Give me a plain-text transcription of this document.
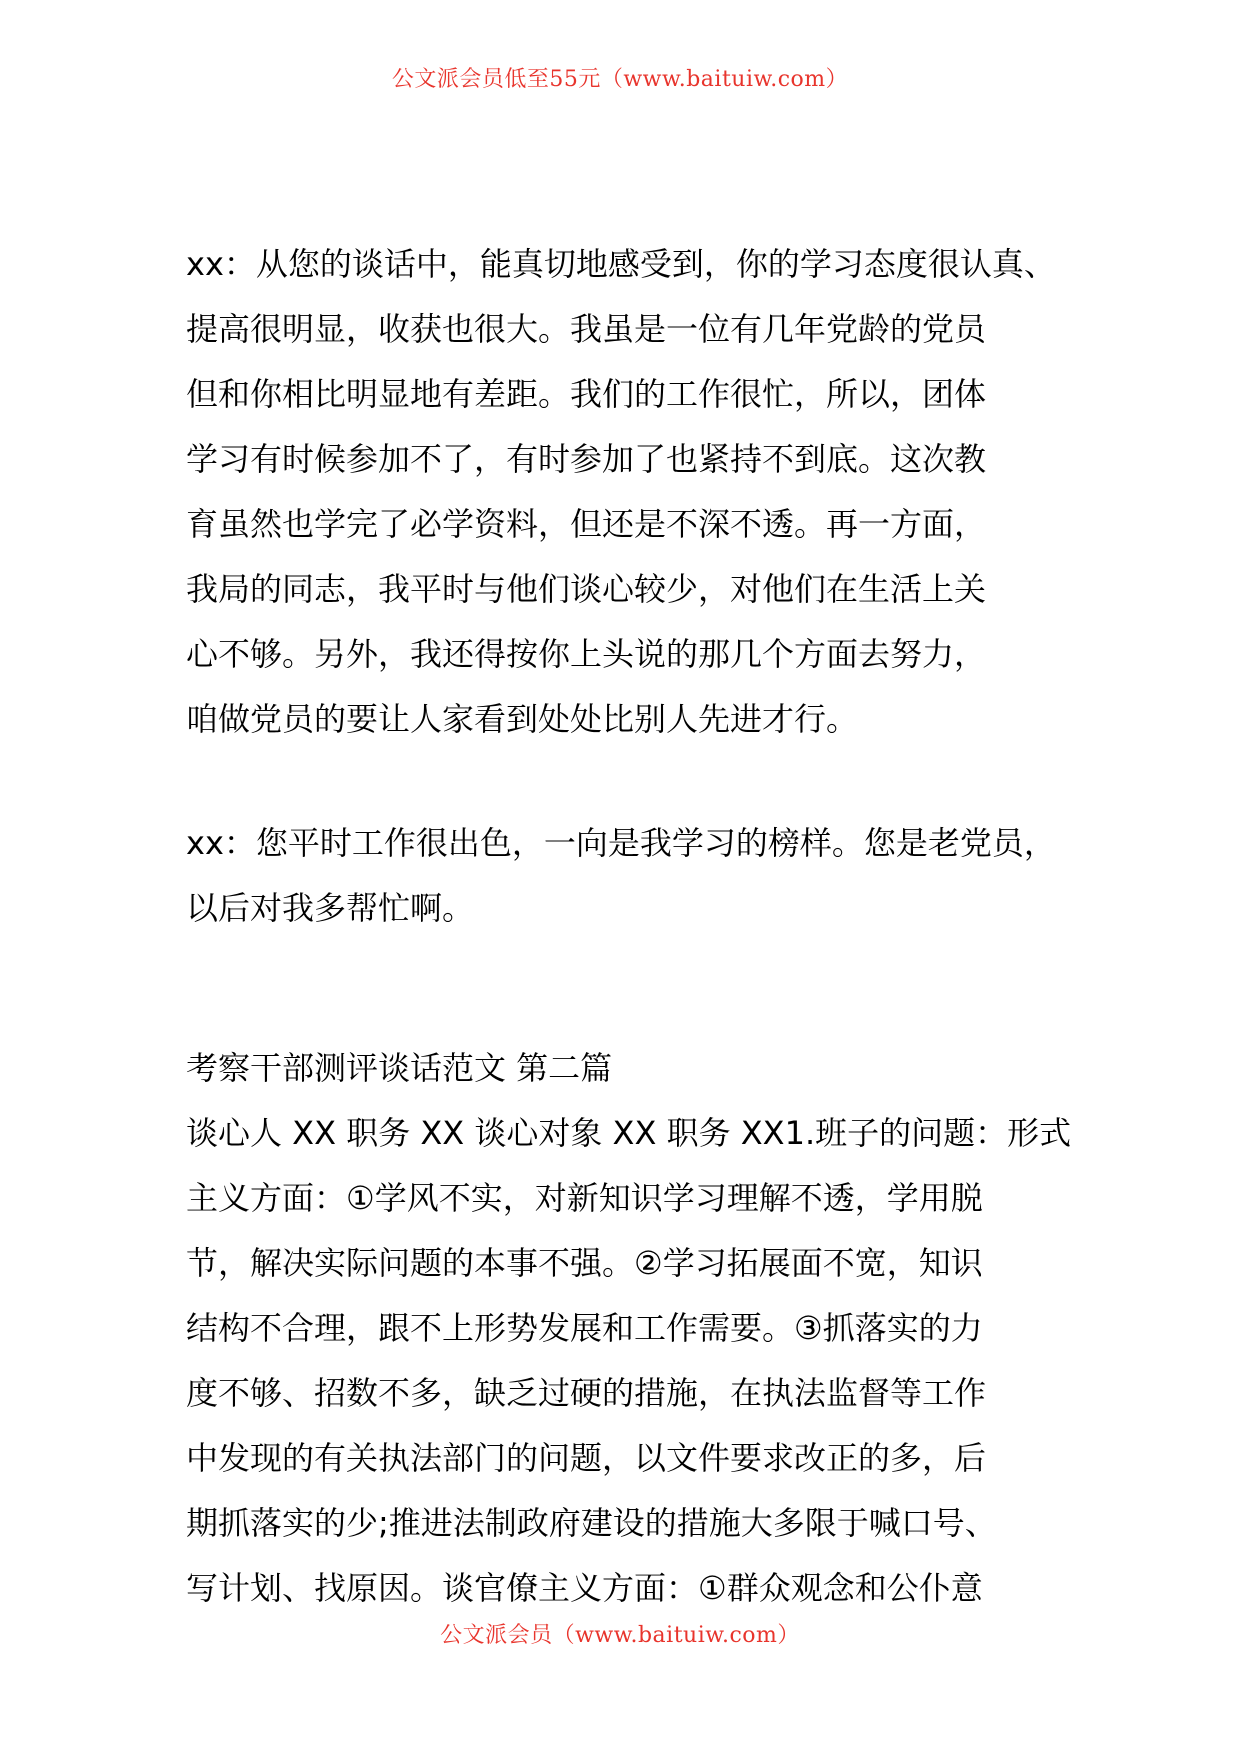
公文派会员低至55元（www.baituiw.com）
xx：从您的谈话中，能真切地感受到，你的学习态度很认真、
提高很明显，收获也很大。我虽是一位有几年党龄的党员
但和你相比明显地有差距。我们的工作很忙，所以，团体
学习有时候参加不了，有时参加了也紧持不到底。这次教
育虽然也学完了必学资料，但还是不深不透。再一方面，
我局的同志，我平时与他们谈心较少，对他们在生活上关
心不够。另外，我还得按你上头说的那几个方面去努力，
咱做党员的要让人家看到处处比别人先进才行。
xx：您平时工作很出色，一向是我学习的榜样。您是老党员，
以后对我多帮忙啊。
考察干部测评谈话范文 第二篇
谈心人 XX 职务 XX 谈心对象 XX 职务 XX1.班子的问题：形式
主义方面：①学风不实，对新知识学习理解不透，学用脱
节，解决实际问题的本事不强。②学习拓展面不宽，知识
结构不合理，跟不上形势发展和工作需要。③抓落实的力
度不够、招数不多，缺乏过硬的措施，在执法监督等工作
中发现的有关执法部门的问题，以文件要求改正的多，后
期抓落实的少;推进法制政府建设的措施大多限于喊口号、
写计划、找原因。谈官僚主义方面：①群众观念和公仆意
公文派会员（www.baituiw.com）
